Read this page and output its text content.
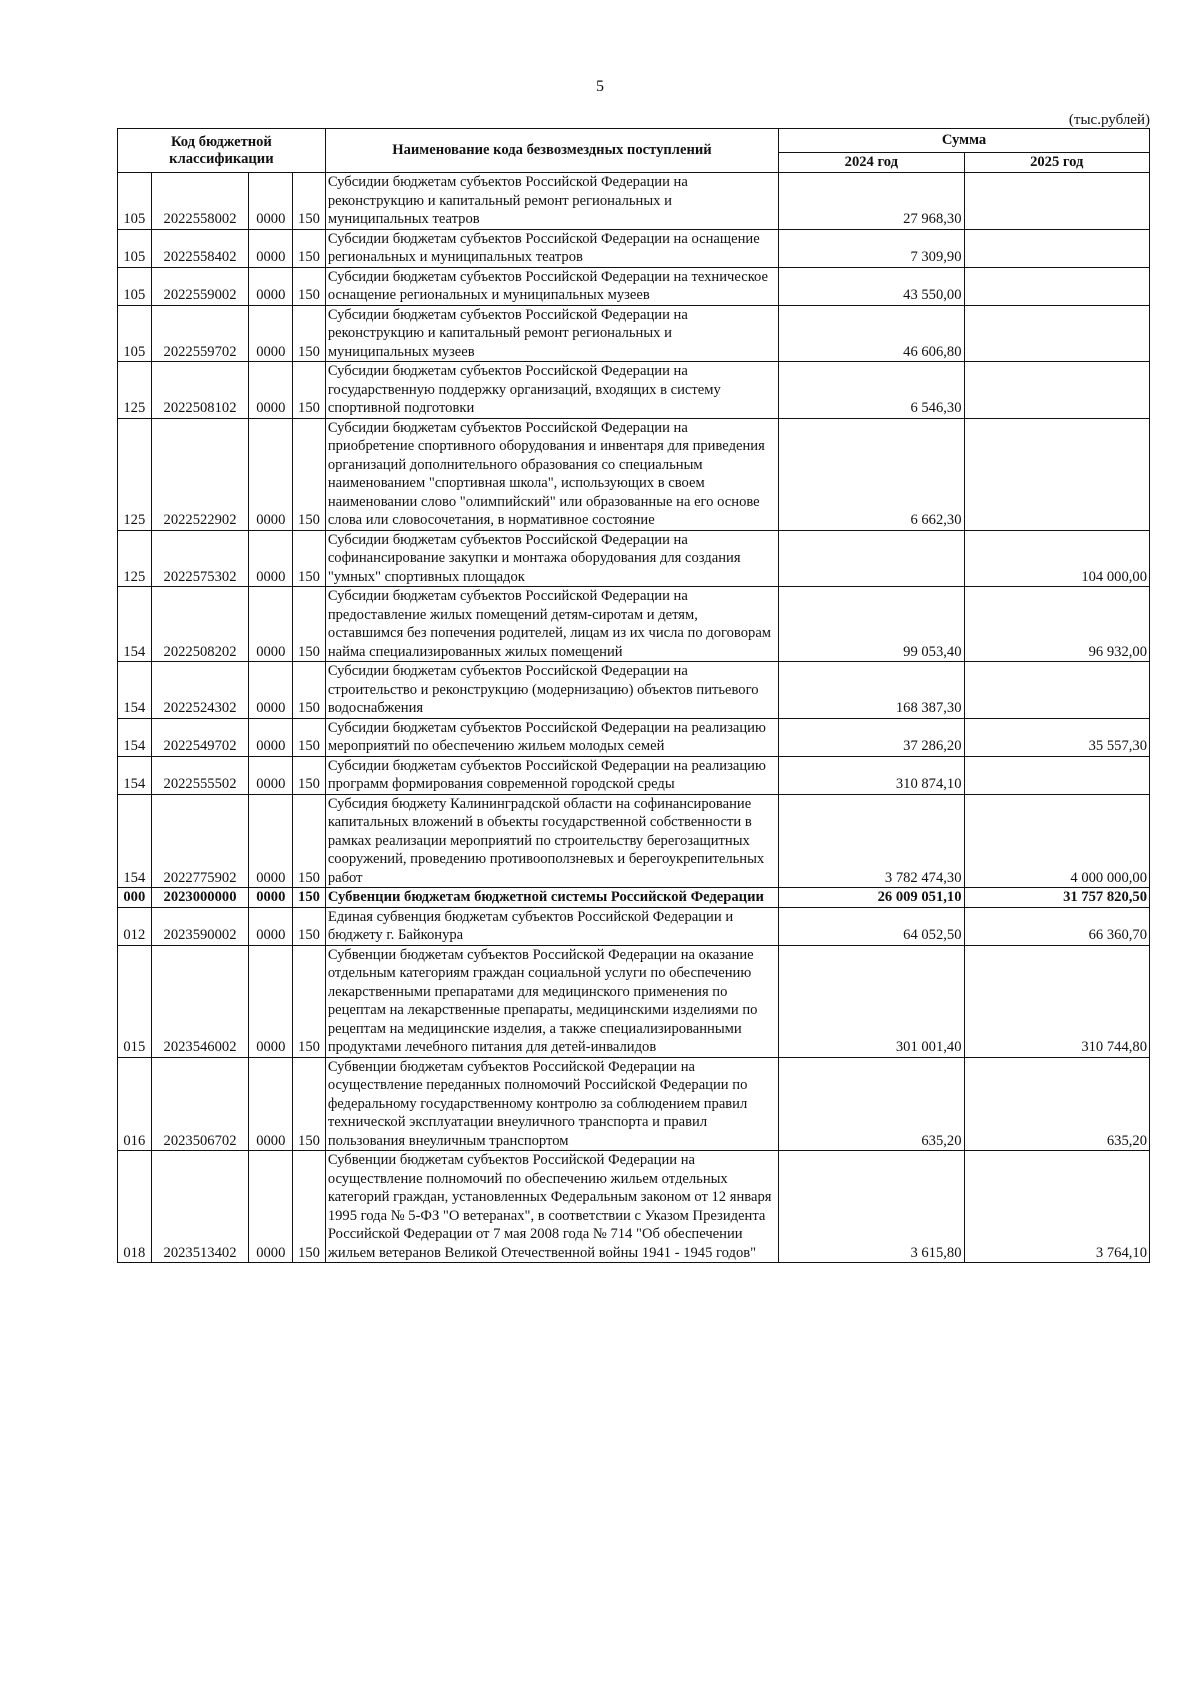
5
(тыс.рублей)
Код бюджетной классификации				Наименование кода безвозмездных поступлений	Сумма	
					2024 год	2025 год
105	2022558002	0000	150	Субсидии бюджетам субъектов Российской Федерации на реконструкцию и капитальный ремонт региональных и муниципальных театров	27 968,30	
105	2022558402	0000	150	Субсидии бюджетам субъектов Российской Федерации на оснащение региональных и муниципальных театров	7 309,90	
105	2022559002	0000	150	Субсидии бюджетам субъектов Российской Федерации на техническое оснащение региональных и муниципальных музеев	43 550,00	
105	2022559702	0000	150	Субсидии бюджетам субъектов Российской Федерации на реконструкцию и капитальный ремонт региональных и муниципальных музеев	46 606,80	
125	2022508102	0000	150	Субсидии бюджетам субъектов Российской Федерации на государственную поддержку организаций, входящих в систему спортивной подготовки	6 546,30	
125	2022522902	0000	150	Субсидии бюджетам субъектов Российской Федерации на приобретение спортивного оборудования и инвентаря для приведения организаций дополнительного образования со специальным наименованием "спортивная школа", использующих в своем наименовании слово "олимпийский" или образованные на его основе слова или словосочетания, в нормативное состояние	6 662,30	
125	2022575302	0000	150	Субсидии бюджетам субъектов Российской Федерации на софинансирование закупки и монтажа оборудования для создания "умных" спортивных площадок		104 000,00
154	2022508202	0000	150	Субсидии бюджетам субъектов Российской Федерации на предоставление жилых помещений детям-сиротам и детям, оставшимся без попечения родителей, лицам из их числа по договорам найма специализированных жилых помещений	99 053,40	96 932,00
154	2022524302	0000	150	Субсидии бюджетам субъектов Российской Федерации на строительство и реконструкцию (модернизацию) объектов питьевого водоснабжения	168 387,30	
154	2022549702	0000	150	Субсидии бюджетам субъектов Российской Федерации на реализацию мероприятий по обеспечению жильем молодых семей	37 286,20	35 557,30
154	2022555502	0000	150	Субсидии бюджетам субъектов Российской Федерации на реализацию программ формирования современной городской среды	310 874,10	
154	2022775902	0000	150	Субсидия бюджету Калининградской области на софинансирование капитальных вложений в объекты государственной собственности в рамках реализации мероприятий по строительству берегозащитных сооружений, проведению противооползневых и берегоукрепительных работ	3 782 474,30	4 000 000,00
000	2023000000	0000	150	Субвенции бюджетам бюджетной системы Российской Федерации	26 009 051,10	31 757 820,50
012	2023590002	0000	150	Единая субвенция бюджетам субъектов Российской Федерации и бюджету г. Байконура	64 052,50	66 360,70
015	2023546002	0000	150	Субвенции бюджетам субъектов Российской Федерации на оказание отдельным категориям граждан социальной услуги по обеспечению лекарственными препаратами для медицинского применения по рецептам на лекарственные препараты, медицинскими изделиями по рецептам на медицинские изделия, а также специализированными продуктами лечебного питания для детей-инвалидов	301 001,40	310 744,80
016	2023506702	0000	150	Субвенции бюджетам субъектов Российской Федерации на осуществление переданных полномочий Российской Федерации по федеральному государственному контролю за соблюдением правил технической эксплуатации внеуличного транспорта и правил пользования внеуличным транспортом	635,20	635,20
018	2023513402	0000	150	Субвенции бюджетам субъектов Российской Федерации на осуществление полномочий по обеспечению жильем отдельных категорий граждан, установленных Федеральным законом от 12 января 1995 года № 5-ФЗ "О ветеранах", в соответствии с Указом Президента Российской Федерации от 7 мая 2008 года № 714 "Об обеспечении жильем ветеранов Великой Отечественной войны 1941 - 1945 годов"	3 615,80	3 764,10
